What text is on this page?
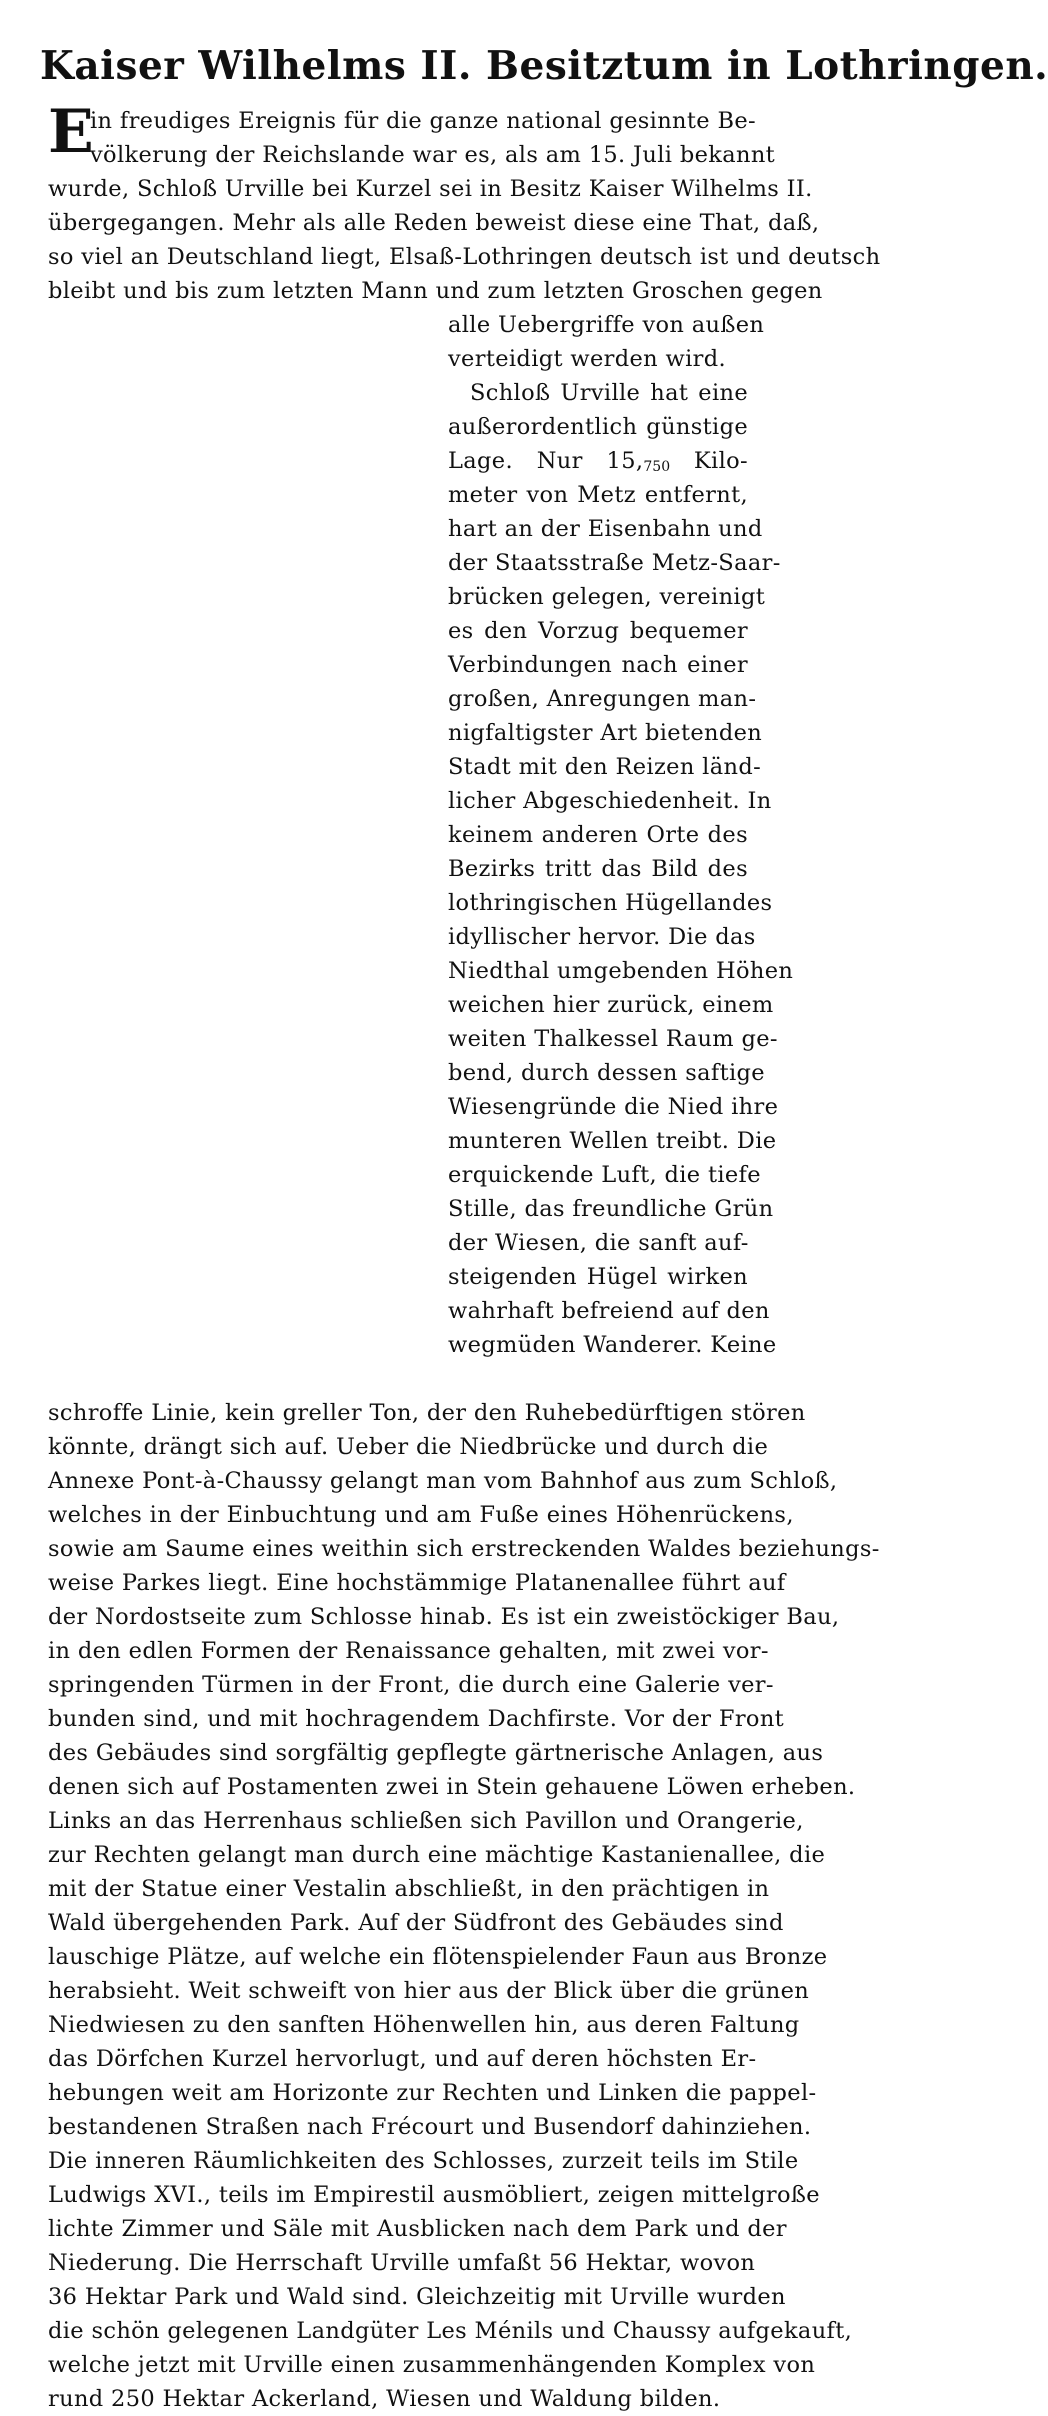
Kaiser Wilhelms II. Besitztum in Lothringen.
E
in freudiges Ereignis für die ganze national gesinnte Be-
völkerung der Reichslande war es, als am 15. Juli bekannt
wurde, Schloß Urville bei Kurzel sei in Besitz Kaiser Wilhelms II.
übergegangen. Mehr als alle Reden beweist diese eine That, daß,
so viel an Deutschland liegt, Elsaß-Lothringen deutsch ist und deutsch
bleibt und bis zum letzten Mann und zum letzten Groschen gegen
alle Uebergriffe von außen
verteidigt werden wird.
Schloß Urville hat eine
außerordentlich günstige
Lage. Nur $15,_{750}$ Kilo-
meter von Metz entfernt,
hart an der Eisenbahn und
der Staatsstraße Metz-Saar-
brücken gelegen, vereinigt
es den Vorzug bequemer
Verbindungen nach einer
großen, Anregungen man-
nigfaltigster Art bietenden
Stadt mit den Reizen länd-
licher Abgeschiedenheit. In
keinem anderen Orte des
Bezirks tritt das Bild des
lothringischen Hügellandes
idyllischer hervor. Die das
Niedthal umgebenden Höhen
weichen hier zurück, einem
weiten Thalkessel Raum ge-
bend, durch dessen saftige
Wiesengründe die Nied ihre
munteren Wellen treibt. Die
erquickende Luft, die tiefe
Stille, das freundliche Grün
der Wiesen, die sanft auf-
steigenden Hügel wirken
wahrhaft befreiend auf den
wegmüden Wanderer. Keine
schroffe Linie, kein greller Ton, der den Ruhebedürftigen stören
könnte, drängt sich auf. Ueber die Niedbrücke und durch die
Annexe Pont-à-Chaussy gelangt man vom Bahnhof aus zum Schloß,
welches in der Einbuchtung und am Fuße eines Höhenrückens,
sowie am Saume eines weithin sich erstreckenden Waldes beziehungs-
weise Parkes liegt. Eine hochstämmige Platanenallee führt auf
der Nordostseite zum Schlosse hinab. Es ist ein zweistöckiger Bau,
in den edlen Formen der Renaissance gehalten, mit zwei vor-
springenden Türmen in der Front, die durch eine Galerie ver-
bunden sind, und mit hochragendem Dachfirste. Vor der Front
des Gebäudes sind sorgfältig gepflegte gärtnerische Anlagen, aus
denen sich auf Postamenten zwei in Stein gehauene Löwen erheben.
Links an das Herrenhaus schließen sich Pavillon und Orangerie,
zur Rechten gelangt man durch eine mächtige Kastanienallee, die
mit der Statue einer Vestalin abschließt, in den prächtigen in
Wald übergehenden Park. Auf der Südfront des Gebäudes sind
lauschige Plätze, auf welche ein flötenspielender Faun aus Bronze
herabsieht. Weit schweift von hier aus der Blick über die grünen
Niedwiesen zu den sanften Höhenwellen hin, aus deren Faltung
das Dörfchen Kurzel hervorlugt, und auf deren höchsten Er-
hebungen weit am Horizonte zur Rechten und Linken die pappel-
bestandenen Straßen nach Frécourt und Busendorf dahinziehen.
Die inneren Räumlichkeiten des Schlosses, zurzeit teils im Stile
Ludwigs XVI., teils im Empirestil ausmöbliert, zeigen mittelgroße
lichte Zimmer und Säle mit Ausblicken nach dem Park und der
Niederung. Die Herrschaft Urville umfaßt 56 Hektar, wovon
36 Hektar Park und Wald sind. Gleichzeitig mit Urville wurden
die schön gelegenen Landgüter Les Ménils und Chaussy aufgekauft,
welche jetzt mit Urville einen zusammenhängenden Komplex von
rund 250 Hektar Ackerland, Wiesen und Waldung bilden.
